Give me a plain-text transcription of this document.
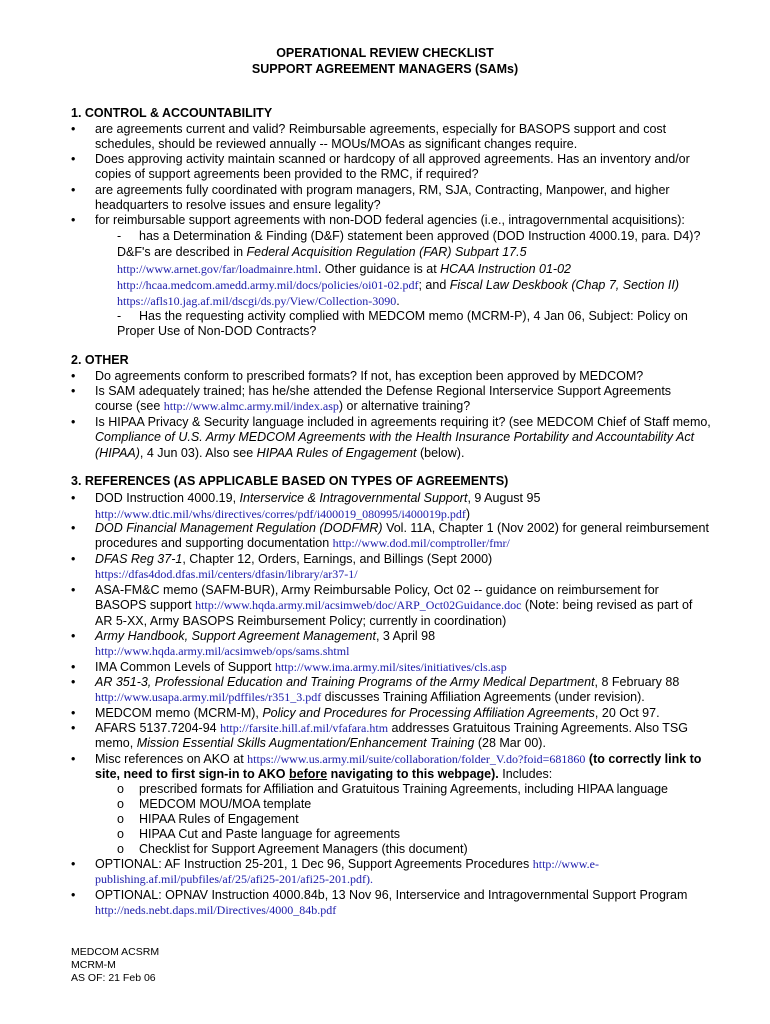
OPERATIONAL REVIEW CHECKLIST
SUPPORT AGREEMENT MANAGERS (SAMs)
1. CONTROL & ACCOUNTABILITY
•	are agreements current and valid? Reimbursable agreements, especially for BASOPS support and cost schedules, should be reviewed annually -- MOUs/MOAs as significant changes require.
•	Does approving activity maintain scanned or hardcopy of all approved agreements. Has an inventory and/or copies of support agreements been provided to the RMC, if required?
•	are agreements fully coordinated with program managers, RM, SJA, Contracting, Manpower, and higher headquarters to resolve issues and ensure legality?
•	for reimbursable support agreements with non-DOD federal agencies (i.e., intragovernmental acquisitions):
-	has a Determination & Finding (D&F) statement been approved (DOD Instruction 4000.19, para. D4)? D&F's are described in Federal Acquisition Regulation (FAR) Subpart 17.5 http://www.arnet.gov/far/loadmainre.html. Other guidance is at HCAA Instruction 01-02 http://hcaa.medcom.amedd.army.mil/docs/policies/oi01-02.pdf; and Fiscal Law Deskbook (Chap 7, Section II) https://afls10.jag.af.mil/dscgi/ds.py/View/Collection-3090.
-	Has the requesting activity complied with MEDCOM memo (MCRM-P), 4 Jan 06, Subject: Policy on Proper Use of Non-DOD Contracts?
2. OTHER
•	Do agreements conform to prescribed formats? If not, has exception been approved by MEDCOM?
•	Is SAM adequately trained; has he/she attended the Defense Regional Interservice Support Agreements course (see http://www.almc.army.mil/index.asp) or alternative training?
•	Is HIPAA Privacy & Security language included in agreements requiring it? (see MEDCOM Chief of Staff memo, Compliance of U.S. Army MEDCOM Agreements with the Health Insurance Portability and Accountability Act (HIPAA), 4 Jun 03). Also see HIPAA Rules of Engagement (below).
3. REFERENCES (AS APPLICABLE BASED ON TYPES OF AGREEMENTS)
•	DOD Instruction 4000.19, Interservice & Intragovernmental Support, 9 August 95
http://www.dtic.mil/whs/directives/corres/pdf/i400019_080995/i400019p.pdf)
•	DOD Financial Management Regulation (DODFMR) Vol. 11A, Chapter 1 (Nov 2002) for general reimbursement procedures and supporting documentation http://www.dod.mil/comptroller/fmr/
•	DFAS Reg 37-1, Chapter 12, Orders, Earnings, and Billings (Sept 2000)
https://dfas4dod.dfas.mil/centers/dfasin/library/ar37-1/
•	ASA-FM&C memo (SAFM-BUR), Army Reimbursable Policy, Oct 02 -- guidance on reimbursement for BASOPS support http://www.hqda.army.mil/acsimweb/doc/ARP_Oct02Guidance.doc (Note: being revised as part of AR 5-XX, Army BASOPS Reimbursement Policy; currently in coordination)
•	Army Handbook, Support Agreement Management, 3 April 98
http://www.hqda.army.mil/acsimweb/ops/sams.shtml
•	IMA Common Levels of Support http://www.ima.army.mil/sites/initiatives/cls.asp
•	AR 351-3, Professional Education and Training Programs of the Army Medical Department, 8 February 88
http://www.usapa.army.mil/pdffiles/r351_3.pdf discusses Training Affiliation Agreements (under revision).
•	MEDCOM memo (MCRM-M), Policy and Procedures for Processing Affiliation Agreements, 20 Oct 97.
•	AFARS 5137.7204-94 http://farsite.hill.af.mil/vfafara.htm addresses Gratuitous Training Agreements. Also TSG memo, Mission Essential Skills Augmentation/Enhancement Training (28 Mar 00).
•	Misc references on AKO at https://www.us.army.mil/suite/collaboration/folder_V.do?foid=681860 (to correctly link to site, need to first sign-in to AKO before navigating to this webpage). Includes:
o prescribed formats for Affiliation and Gratuitous Training Agreements, including HIPAA language
o MEDCOM MOU/MOA template
o HIPAA Rules of Engagement
o HIPAA Cut and Paste language for agreements
o Checklist for Support Agreement Managers (this document)
•	OPTIONAL: AF Instruction 25-201, 1 Dec 96, Support Agreements Procedures http://www.e-publishing.af.mil/pubfiles/af/25/afi25-201/afi25-201.pdf).
•	OPTIONAL: OPNAV Instruction 4000.84b, 13 Nov 96, Interservice and Intragovernmental Support Program
http://neds.nebt.daps.mil/Directives/4000_84b.pdf
MEDCOM ACSRM
MCRM-M
AS OF: 21 Feb 06
